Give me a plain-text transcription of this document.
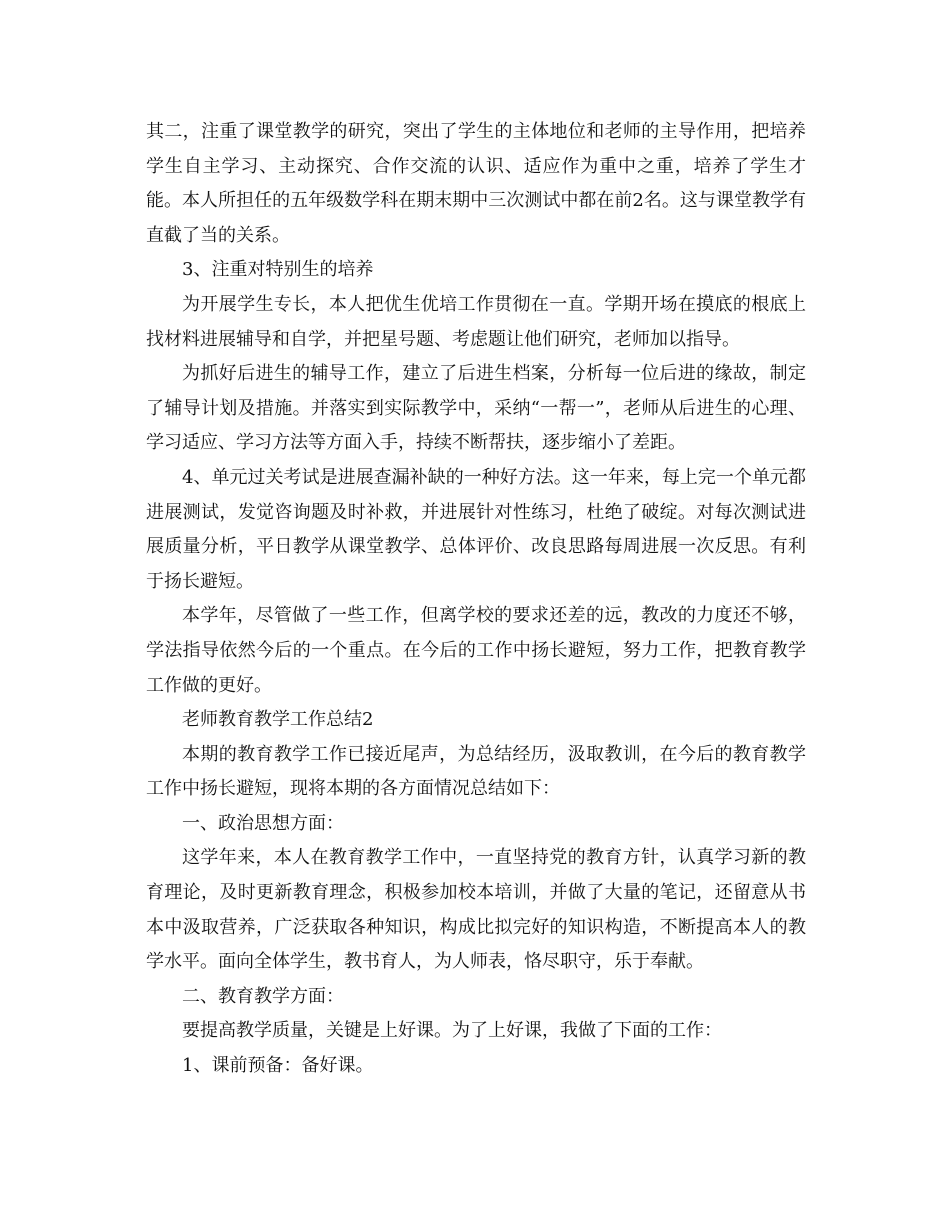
其二，注重了课堂教学的研究，突出了学生的主体地位和老师的主导作用，把培养学生自主学习、主动探究、合作交流的认识、适应作为重中之重，培养了学生才能。本人所担任的五年级数学科在期末期中三次测试中都在前2名。这与课堂教学有直截了当的关系。

3、注重对特别生的培养

为开展学生专长，本人把优生优培工作贯彻在一直。学期开场在摸底的根底上找材料进展辅导和自学，并把星号题、考虑题让他们研究，老师加以指导。

为抓好后进生的辅导工作，建立了后进生档案，分析每一位后进的缘故，制定了辅导计划及措施。并落实到实际教学中，采纳“一帮一”，老师从后进生的心理、学习适应、学习方法等方面入手，持续不断帮扶，逐步缩小了差距。

4、单元过关考试是进展查漏补缺的一种好方法。这一年来，每上完一个单元都进展测试，发觉咨询题及时补救，并进展针对性练习，杜绝了破绽。对每次测试进展质量分析，平日教学从课堂教学、总体评价、改良思路每周进展一次反思。有利于扬长避短。

本学年，尽管做了一些工作，但离学校的要求还差的远，教改的力度还不够，学法指导依然今后的一个重点。在今后的工作中扬长避短，努力工作，把教育教学工作做的更好。

老师教育教学工作总结2

本期的教育教学工作已接近尾声，为总结经历，汲取教训，在今后的教育教学工作中扬长避短，现将本期的各方面情况总结如下：

一、政治思想方面：

这学年来，本人在教育教学工作中，一直坚持党的教育方针，认真学习新的教育理论，及时更新教育理念，积极参加校本培训，并做了大量的笔记，还留意从书本中汲取营养，广泛获取各种知识，构成比拟完好的知识构造，不断提高本人的教学水平。面向全体学生，教书育人，为人师表，恪尽职守，乐于奉献。

二、教育教学方面：

要提高教学质量，关键是上好课。为了上好课，我做了下面的工作：

1、课前预备：备好课。
